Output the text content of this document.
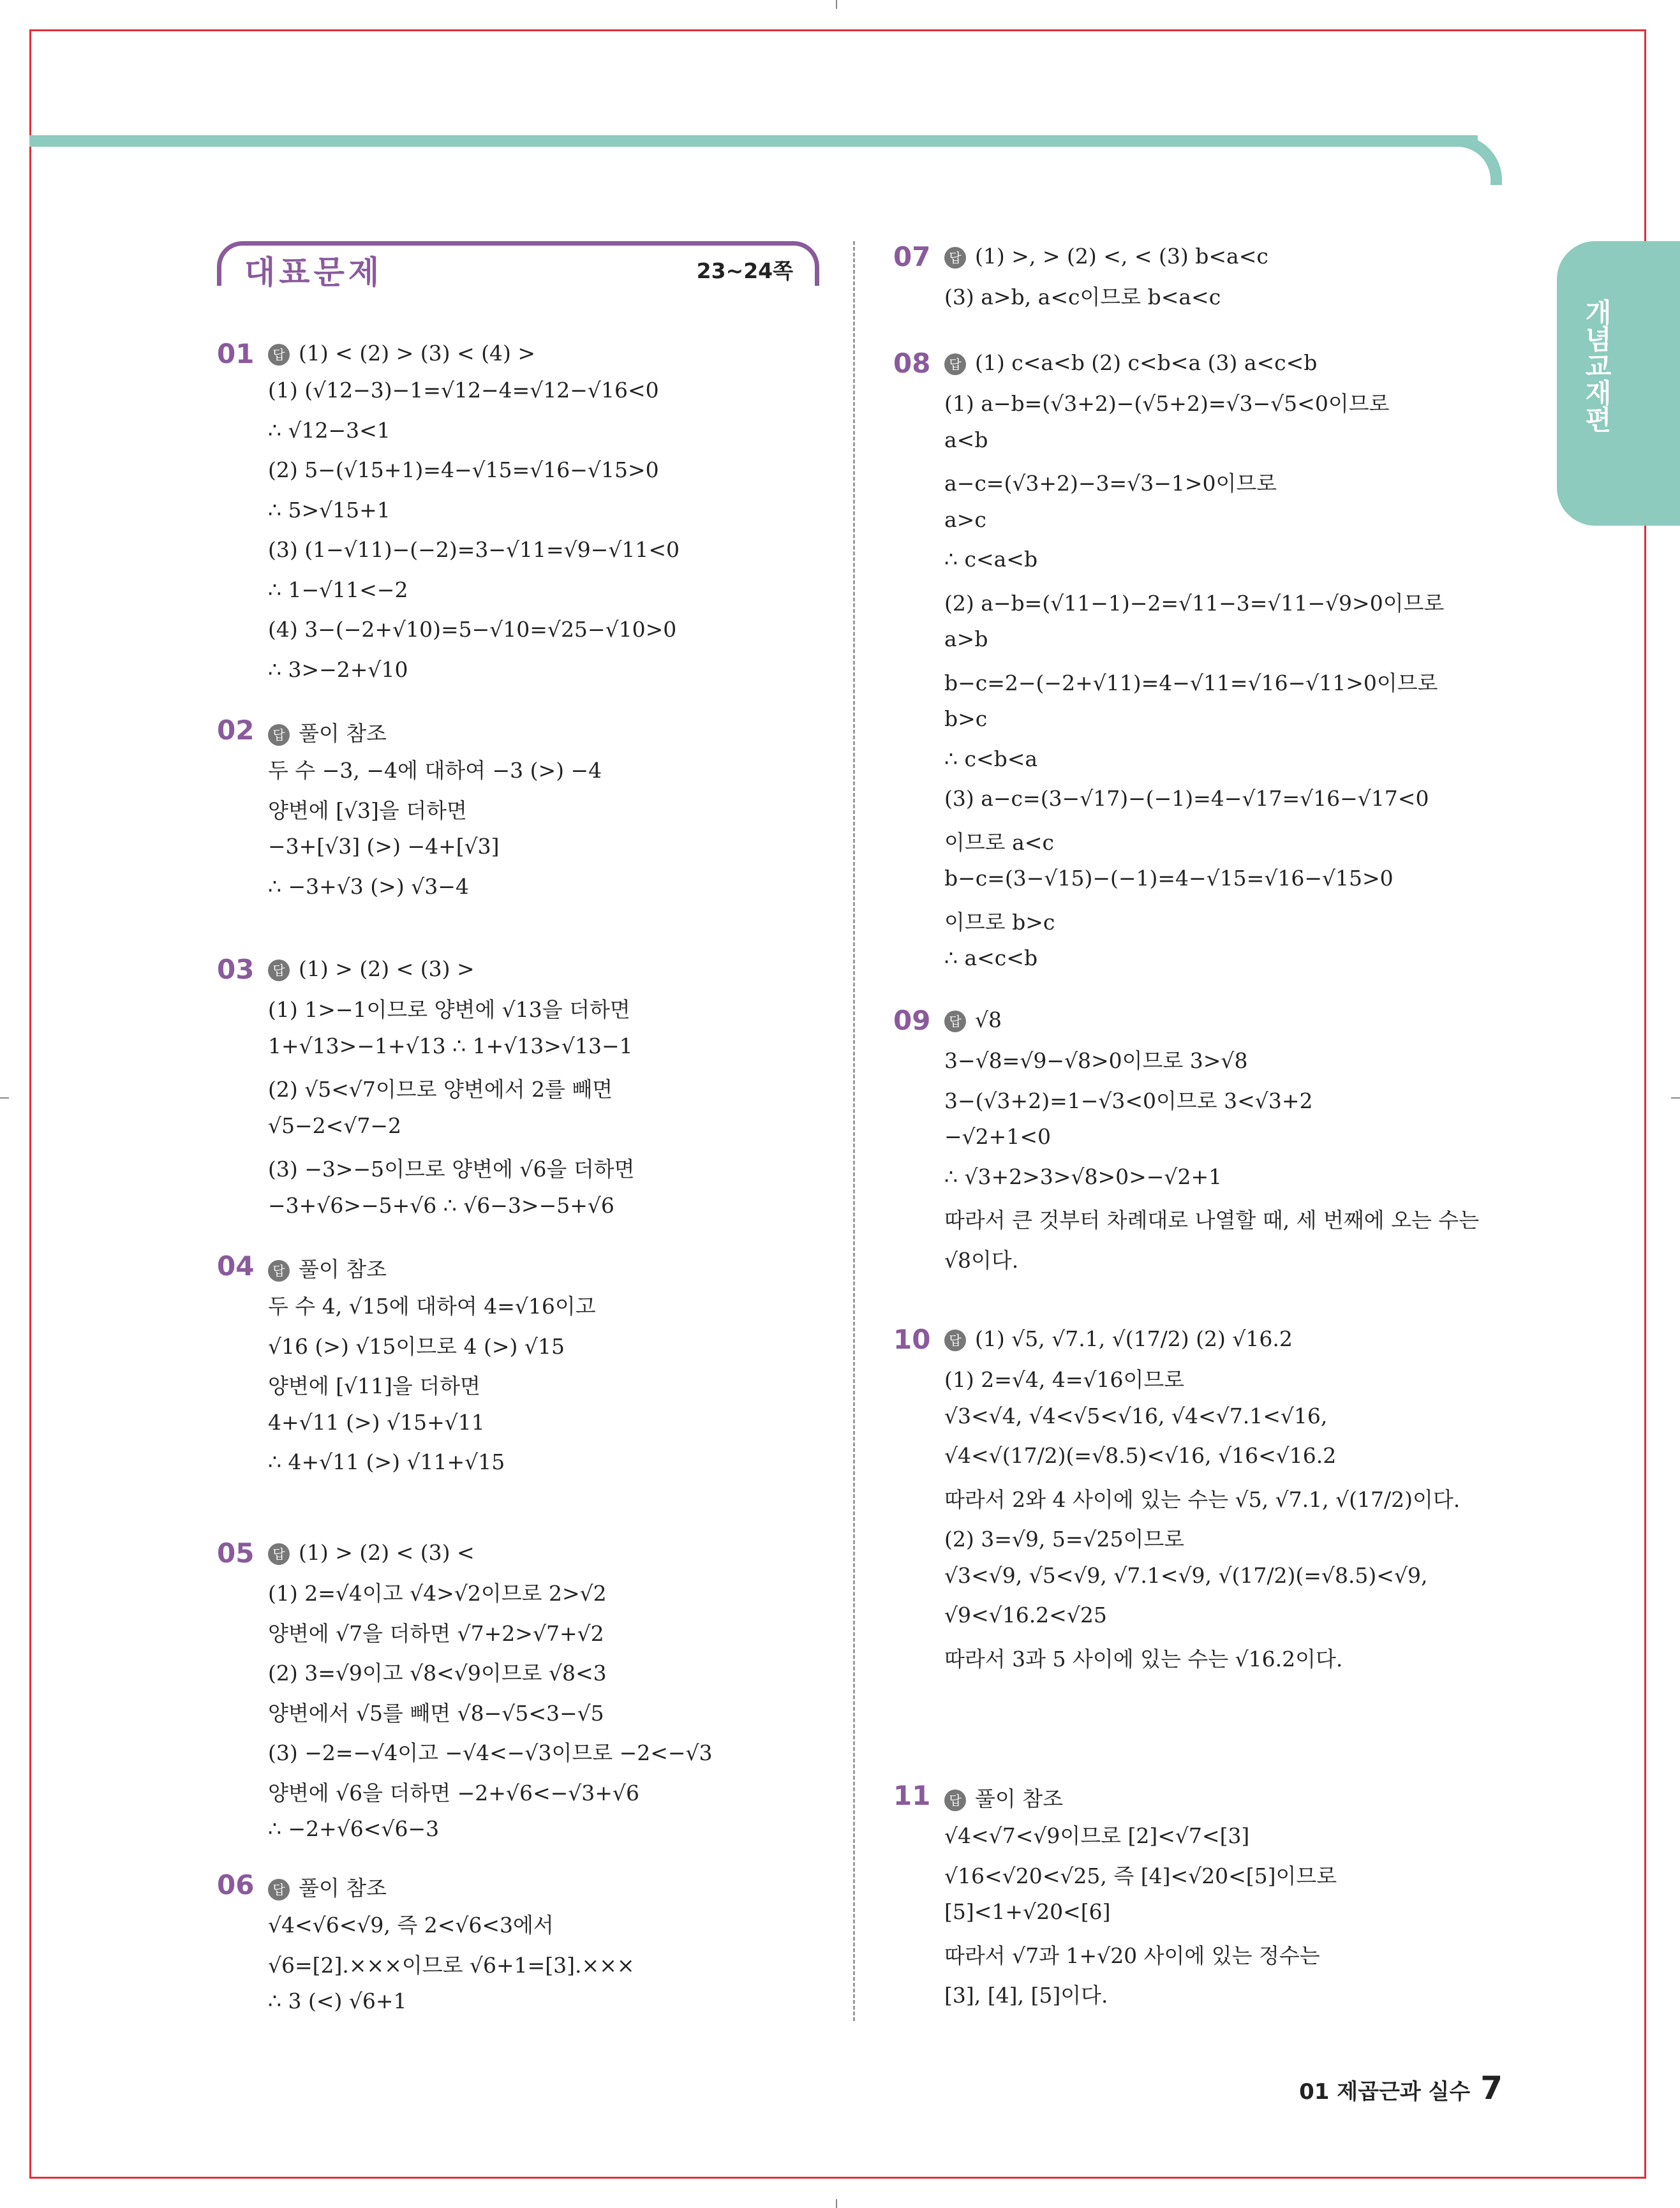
개념교재편
대표문제	23~24쪽
01	답 (1) < (2) > (3) < (4) >
(1) (√12−3)−1=√12−4=√12−√16<0
∴ √12−3<1
(2) 5−(√15+1)=4−√15=√16−√15>0
∴ 5>√15+1
(3) (1−√11)−(−2)=3−√11=√9−√11<0
∴ 1−√11<−2
(4) 3−(−2+√10)=5−√10=√25−√10>0
∴ 3>−2+√10
02	답 풀이 참조
두 수 −3, −4에 대하여 −3 (>) −4
양변에 [√3]을 더하면
−3+[√3] (>) −4+[√3]
∴ −3+√3 (>) √3−4
03	답 (1) > (2) < (3) >
(1) 1>−1이므로 양변에 √13을 더하면
1+√13>−1+√13 ∴ 1+√13>√13−1
(2) √5<√7이므로 양변에서 2를 빼면
√5−2<√7−2
(3) −3>−5이므로 양변에 √6을 더하면
−3+√6>−5+√6 ∴ √6−3>−5+√6
04	답 풀이 참조
두 수 4, √15에 대하여 4=√16이고
√16 (>) √15이므로 4 (>) √15
양변에 [√11]을 더하면
4+√11 (>) √15+√11
∴ 4+√11 (>) √11+√15
05	답 (1) > (2) < (3) <
(1) 2=√4이고 √4>√2이므로 2>√2
양변에 √7을 더하면 √7+2>√7+√2
(2) 3=√9이고 √8<√9이므로 √8<3
양변에서 √5를 빼면 √8−√5<3−√5
(3) −2=−√4이고 −√4<−√3이므로 −2<−√3
양변에 √6을 더하면 −2+√6<−√3+√6
∴ −2+√6<√6−3
06	답 풀이 참조
√4<√6<√9, 즉 2<√6<3에서
√6=[2].×××이므로 √6+1=[3].×××
∴ 3 (<) √6+1
07	답 (1) >, > (2) <, < (3) b<a<c
(3) a>b, a<c이므로 b<a<c
08	답 (1) c<a<b (2) c<b<a (3) a<c<b
(1) a−b=(√3+2)−(√5+2)=√3−√5<0이므로
a<b
a−c=(√3+2)−3=√3−1>0이므로
a>c
∴ c<a<b
(2) a−b=(√11−1)−2=√11−3=√11−√9>0이므로
a>b
b−c=2−(−2+√11)=4−√11=√16−√11>0이므로
b>c
∴ c<b<a
(3) a−c=(3−√17)−(−1)=4−√17=√16−√17<0
이므로 a<c
b−c=(3−√15)−(−1)=4−√15=√16−√15>0
이므로 b>c
∴ a<c<b
09	답 √8
3−√8=√9−√8>0이므로 3>√8
3−(√3+2)=1−√3<0이므로 3<√3+2
−√2+1<0
∴ √3+2>3>√8>0>−√2+1
따라서 큰 것부터 차례대로 나열할 때, 세 번째에 오는 수는
√8이다.
10	답 (1) √5, √7.1, √(17/2) (2) √16.2
(1) 2=√4, 4=√16이므로
√3<√4, √4<√5<√16, √4<√7.1<√16,
√4<√(17/2)(=√8.5)<√16, √16<√16.2
따라서 2와 4 사이에 있는 수는 √5, √7.1, √(17/2)이다.
(2) 3=√9, 5=√25이므로
√3<√9, √5<√9, √7.1<√9, √(17/2)(=√8.5)<√9,
√9<√16.2<√25
따라서 3과 5 사이에 있는 수는 √16.2이다.
11	답 풀이 참조
√4<√7<√9이므로 [2]<√7<[3]
√16<√20<√25, 즉 [4]<√20<[5]이므로
[5]<1+√20<[6]
따라서 √7과 1+√20 사이에 있는 정수는
[3], [4], [5]이다.
01 제곱근과 실수 7
